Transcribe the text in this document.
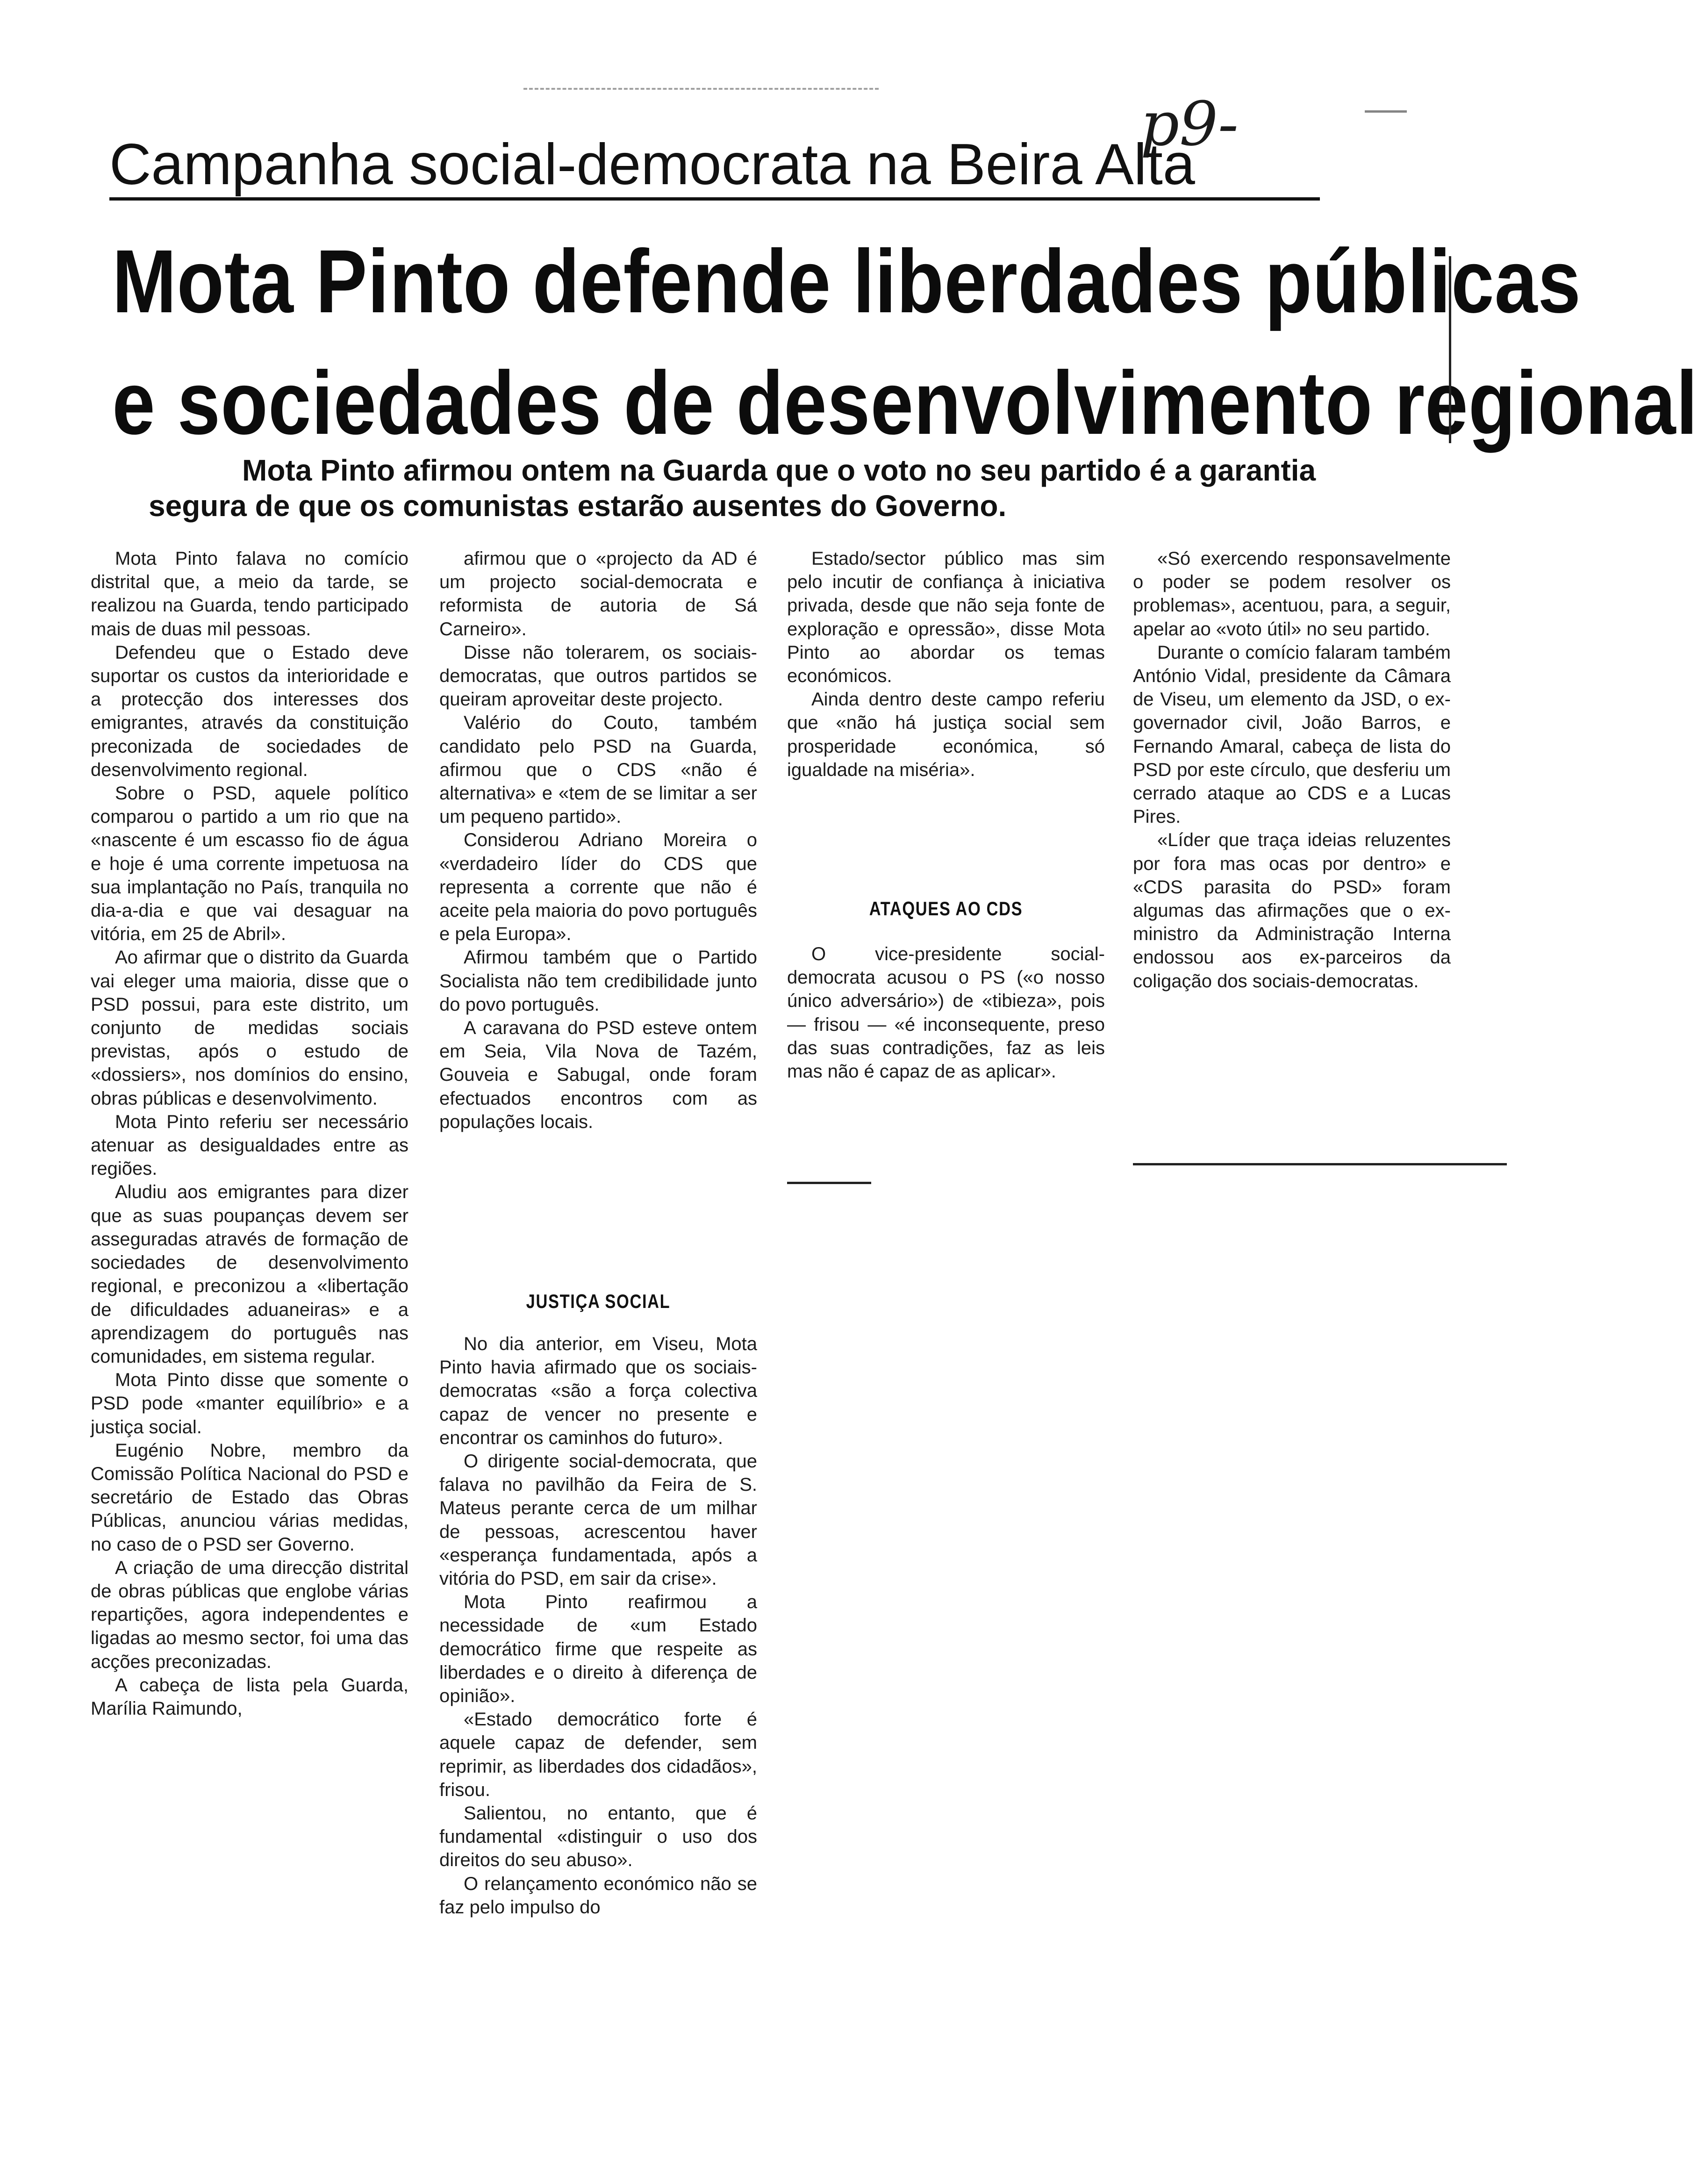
p9-
Campanha social-democrata na Beira Alta
Mota Pinto defende liberdades públicas
e sociedades de desenvolvimento regional
Mota Pinto afirmou ontem na Guarda que o voto no seu partido é a garantia
segura de que os comunistas estarão ausentes do Governo.

Mota Pinto falava no comício distrital que, a meio da tarde, se realizou na Guarda, tendo participado mais de duas mil pessoas.

Defendeu que o Estado deve suportar os custos da interioridade e a protecção dos interesses dos emigrantes, através da constituição preconizada de sociedades de desenvolvimento regional.

Sobre o PSD, aquele político comparou o partido a um rio que na «nascente é um escasso fio de água e hoje é uma corrente impetuosa na sua implantação no País, tranquila no dia-a-dia e que vai desaguar na vitória, em 25 de Abril».

Ao afirmar que o distrito da Guarda vai eleger uma maioria, disse que o PSD possui, para este distrito, um conjunto de medidas sociais previstas, após o estudo de «dossiers», nos domínios do ensino, obras públicas e desenvolvimento.

Mota Pinto referiu ser necessário atenuar as desigualdades entre as regiões.

Aludiu aos emigrantes para dizer que as suas poupanças devem ser asseguradas através de formação de sociedades de desenvolvimento regional, e preconizou a «libertação de dificuldades aduaneiras» e a aprendizagem do português nas comunidades, em sistema regular.

Mota Pinto disse que somente o PSD pode «manter equilíbrio» e a justiça social.

Eugénio Nobre, membro da Comissão Política Nacional do PSD e secretário de Estado das Obras Públicas, anunciou várias medidas, no caso de o PSD ser Governo.

A criação de uma direcção distrital de obras públicas que englobe várias repartições, agora independentes e ligadas ao mesmo sector, foi uma das acções preconizadas.

A cabeça de lista pela Guarda, Marília Raimundo,

afirmou que o «projecto da AD é um projecto social-democrata e reformista de autoria de Sá Carneiro».

Disse não tolerarem, os sociais-democratas, que outros partidos se queiram aproveitar deste projecto.

Valério do Couto, também candidato pelo PSD na Guarda, afirmou que o CDS «não é alternativa» e «tem de se limitar a ser um pequeno partido».

Considerou Adriano Moreira o «verdadeiro líder do CDS que representa a corrente que não é aceite pela maioria do povo português e pela Europa».

Afirmou também que o Partido Socialista não tem credibilidade junto do povo português.

A caravana do PSD esteve ontem em Seia, Vila Nova de Tazém, Gouveia e Sabugal, onde foram efectuados encontros com as populações locais.

JUSTIÇA SOCIAL

No dia anterior, em Viseu, Mota Pinto havia afirmado que os sociais-democratas «são a força colectiva capaz de vencer no presente e encontrar os caminhos do futuro».

O dirigente social-democrata, que falava no pavilhão da Feira de S. Mateus perante cerca de um milhar de pessoas, acrescentou haver «esperança fundamentada, após a vitória do PSD, em sair da crise».

Mota Pinto reafirmou a necessidade de «um Estado democrático firme que respeite as liberdades e o direito à diferença de opinião».

«Estado democrático forte é aquele capaz de defender, sem reprimir, as liberdades dos cidadãos», frisou.

Salientou, no entanto, que é fundamental «distinguir o uso dos direitos do seu abuso».

O relançamento económico não se faz pelo impulso do

Estado/sector público mas sim pelo incutir de confiança à iniciativa privada, desde que não seja fonte de exploração e opressão», disse Mota Pinto ao abordar os temas económicos.

Ainda dentro deste campo referiu que «não há justiça social sem prosperidade económica, só igualdade na miséria».

ATAQUES AO CDS

O vice-presidente social-democrata acusou o PS («o nosso único adversário») de «tibieza», pois — frisou — «é inconsequente, preso das suas contradições, faz as leis mas não é capaz de as aplicar».

«Só exercendo responsavelmente o poder se podem resolver os problemas», acentuou, para, a seguir, apelar ao «voto útil» no seu partido.

Durante o comício falaram também António Vidal, presidente da Câmara de Viseu, um elemento da JSD, o ex-governador civil, João Barros, e Fernando Amaral, cabeça de lista do PSD por este círculo, que desferiu um cerrado ataque ao CDS e a Lucas Pires.

«Líder que traça ideias reluzentes por fora mas ocas por dentro» e «CDS parasita do PSD» foram algumas das afirmações que o ex-ministro da Administração Interna endossou aos ex-parceiros da coligação dos sociais-democratas.
